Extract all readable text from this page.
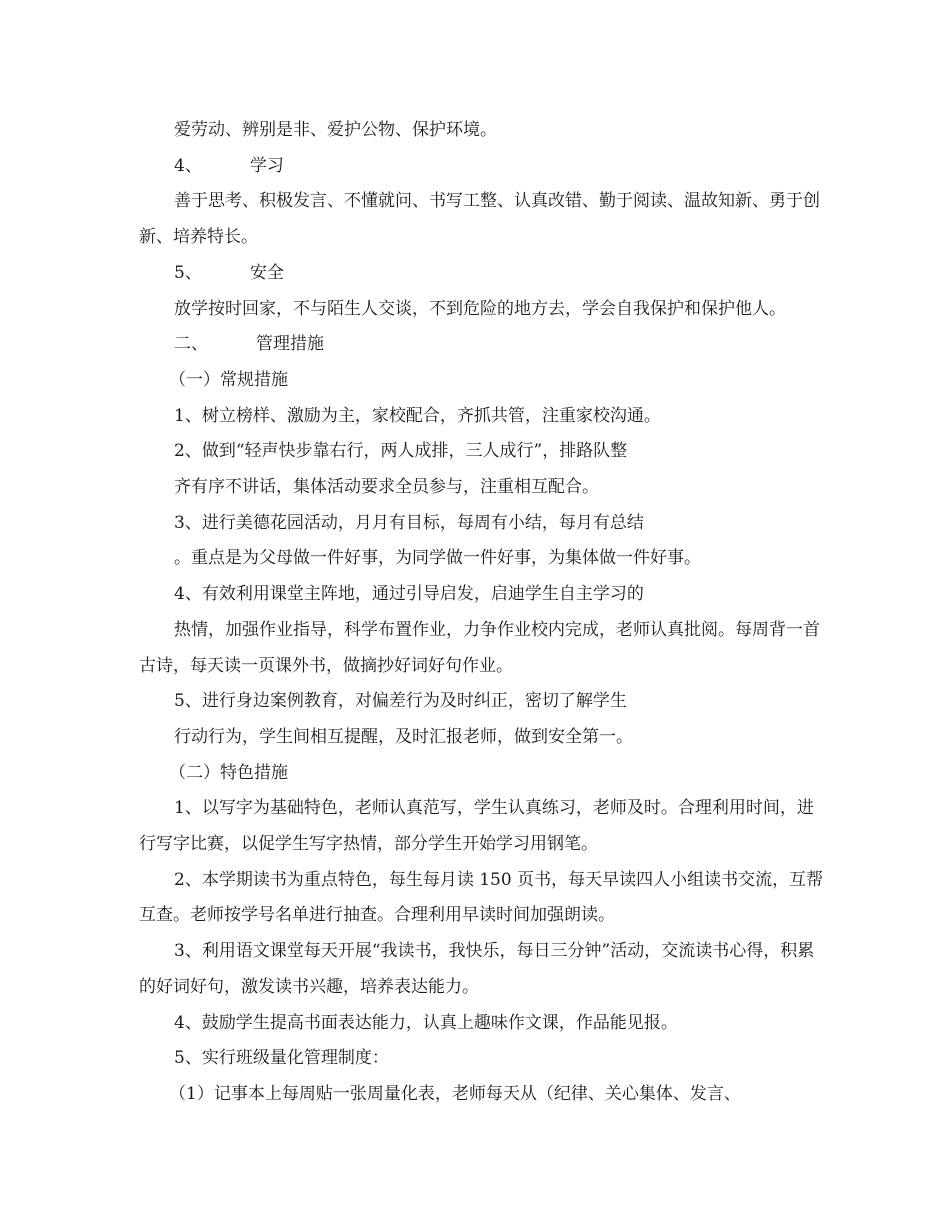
爱劳动、辨别是非、爱护公物、保护环境。

4、	学习

善于思考、积极发言、不懂就问、书写工整、认真改错、勤于阅读、温故知新、勇于创新、培养特长。

5、	安全

放学按时回家，不与陌生人交谈，不到危险的地方去，学会自我保护和保护他人。

二、	管理措施

（一）常规措施

1、树立榜样、激励为主，家校配合，齐抓共管，注重家校沟通。

2、做到“轻声快步靠右行，两人成排，三人成行”，排路队整

齐有序不讲话，集体活动要求全员参与，注重相互配合。

3、进行美德花园活动，月月有目标，每周有小结，每月有总结

。重点是为父母做一件好事，为同学做一件好事，为集体做一件好事。

4、有效利用课堂主阵地，通过引导启发，启迪学生自主学习的

热情，加强作业指导，科学布置作业，力争作业校内完成，老师认真批阅。每周背一首古诗，每天读一页课外书，做摘抄好词好句作业。

5、进行身边案例教育，对偏差行为及时纠正，密切了解学生

行动行为，学生间相互提醒，及时汇报老师，做到安全第一。

（二）特色措施

1、以写字为基础特色，老师认真范写，学生认真练习，老师及时。合理利用时间，进行写字比赛，以促学生写字热情，部分学生开始学习用钢笔。

2、本学期读书为重点特色，每生每月读 150 页书，每天早读四人小组读书交流，互帮互查。老师按学号名单进行抽查。合理利用早读时间加强朗读。

3、利用语文课堂每天开展“我读书，我快乐，每日三分钟”活动，交流读书心得，积累的好词好句，激发读书兴趣，培养表达能力。

4、鼓励学生提高书面表达能力，认真上趣味作文课，作品能见报。

5、实行班级量化管理制度：

（1）记事本上每周贴一张周量化表，老师每天从（纪律、关心集体、发言、
